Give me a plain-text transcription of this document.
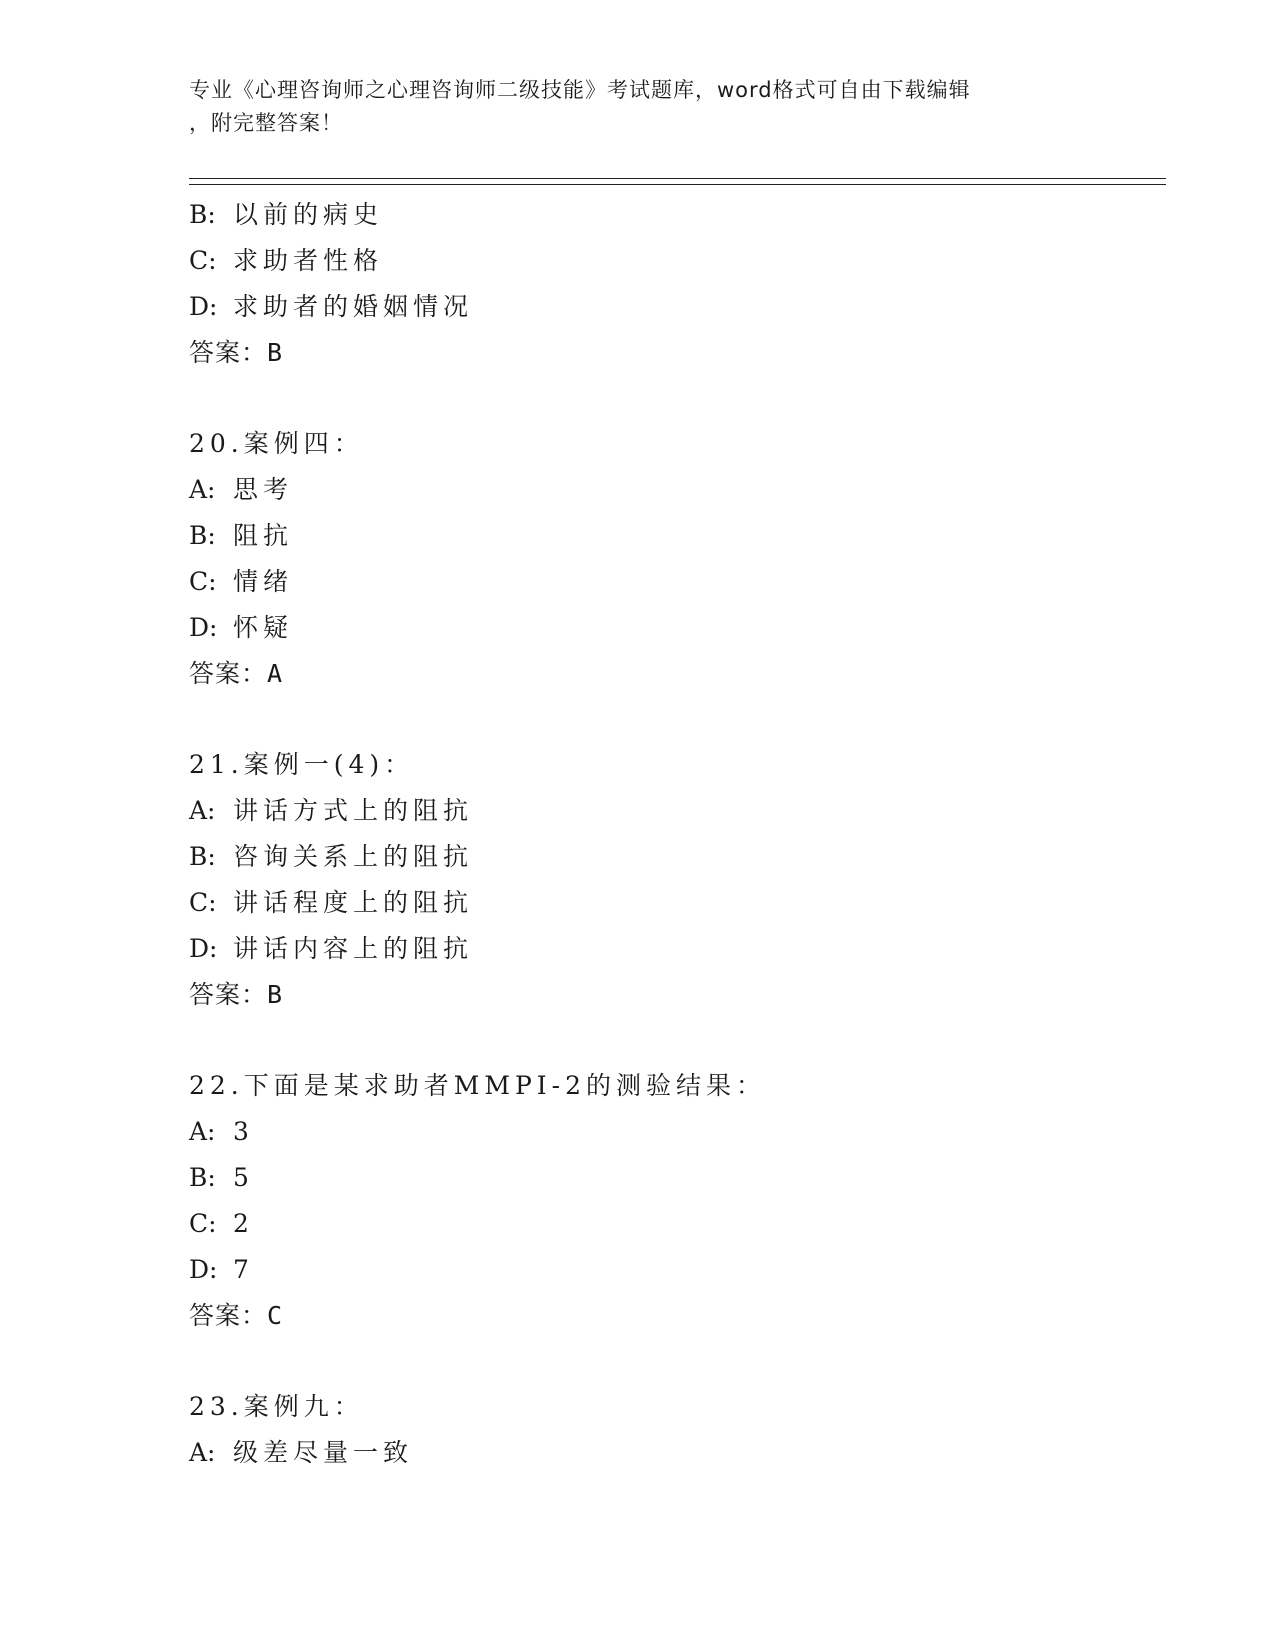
专业《心理咨询师之心理咨询师二级技能》考试题库，word格式可自由下载编辑
，附完整答案！
B: 以前的病史
C: 求助者性格
D: 求助者的婚姻情况
答案：B
20.案例四：
A: 思考
B: 阻抗
C: 情绪
D: 怀疑
答案：A
21.案例一(4)：
A: 讲话方式上的阻抗
B: 咨询关系上的阻抗
C: 讲话程度上的阻抗
D: 讲话内容上的阻抗
答案：B
22.下面是某求助者MMPI-2的测验结果：
A: 3
B: 5
C: 2
D: 7
答案：C
23.案例九：
A: 级差尽量一致
